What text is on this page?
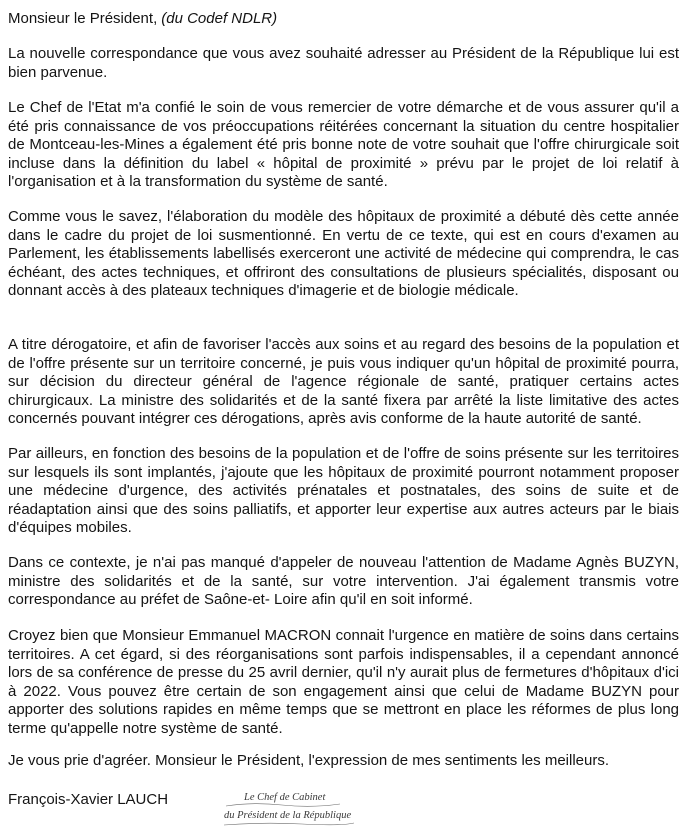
Monsieur le Président, (du Codef NDLR)

La nouvelle correspondance que vous avez souhaité adresser au Président de la République lui est bien parvenue.

Le Chef de l'Etat m'a confié le soin de vous remercier de votre démarche et de vous assurer qu'il a été pris connaissance de vos préoccupations réitérées concernant la situation du centre hospitalier de Montceau-les-Mines a également été pris bonne note de votre souhait que l'offre chirurgicale soit incluse dans la définition du label « hôpital de proximité » prévu par le projet de loi relatif à l'organisation et à la transformation du système de santé.

Comme vous le savez, l'élaboration du modèle des hôpitaux de proximité a débuté dès cette année dans le cadre du projet de loi susmentionné. En vertu de ce texte, qui est en cours d'examen au Parlement, les établissements labellisés exerceront une activité de médecine qui comprendra, le cas échéant, des actes techniques, et offriront des consultations de plusieurs spécialités, disposant ou donnant accès à des plateaux techniques d'imagerie et de biologie médicale.

A titre dérogatoire, et afin de favoriser l'accès aux soins et au regard des besoins de la population et de l'offre présente sur un territoire concerné, je puis vous indiquer qu'un hôpital de proximité pourra, sur décision du directeur général de l'agence régionale de santé, pratiquer certains actes chirurgicaux. La ministre des solidarités et de la santé fixera par arrêté la liste limitative des actes concernés pouvant intégrer ces dérogations, après avis conforme de la haute autorité de santé.

Par ailleurs, en fonction des besoins de la population et de l'offre de soins présente sur les territoires sur lesquels ils sont implantés, j'ajoute que les hôpitaux de proximité pourront notamment proposer une médecine d'urgence, des activités prénatales et postnatales, des soins de suite et de réadaptation ainsi que des soins palliatifs, et apporter leur expertise aux autres acteurs par le biais d'équipes mobiles.

Dans ce contexte, je n'ai pas manqué d'appeler de nouveau l'attention de Madame Agnès BUZYN, ministre des solidarités et de la santé, sur votre intervention. J'ai également transmis votre correspondance au préfet de Saône-et- Loire afin qu'il en soit informé.

Croyez bien que Monsieur Emmanuel MACRON connait l'urgence en matière de soins dans certains territoires. A cet égard, si des réorganisations sont parfois indispensables, il a cependant annoncé lors de sa conférence de presse du 25 avril dernier, qu'il n'y aurait plus de fermetures d'hôpitaux d'ici à 2022. Vous pouvez être certain de son engagement ainsi que celui de Madame BUZYN pour apporter des solutions rapides en même temps que se mettront en place les réformes de plus long terme qu'appelle notre système de santé.

Je vous prie d'agréer. Monsieur le Président, l'expression de mes sentiments les meilleurs.

François-Xavier LAUCH	Le Chef de Cabinet
du Président de la République
